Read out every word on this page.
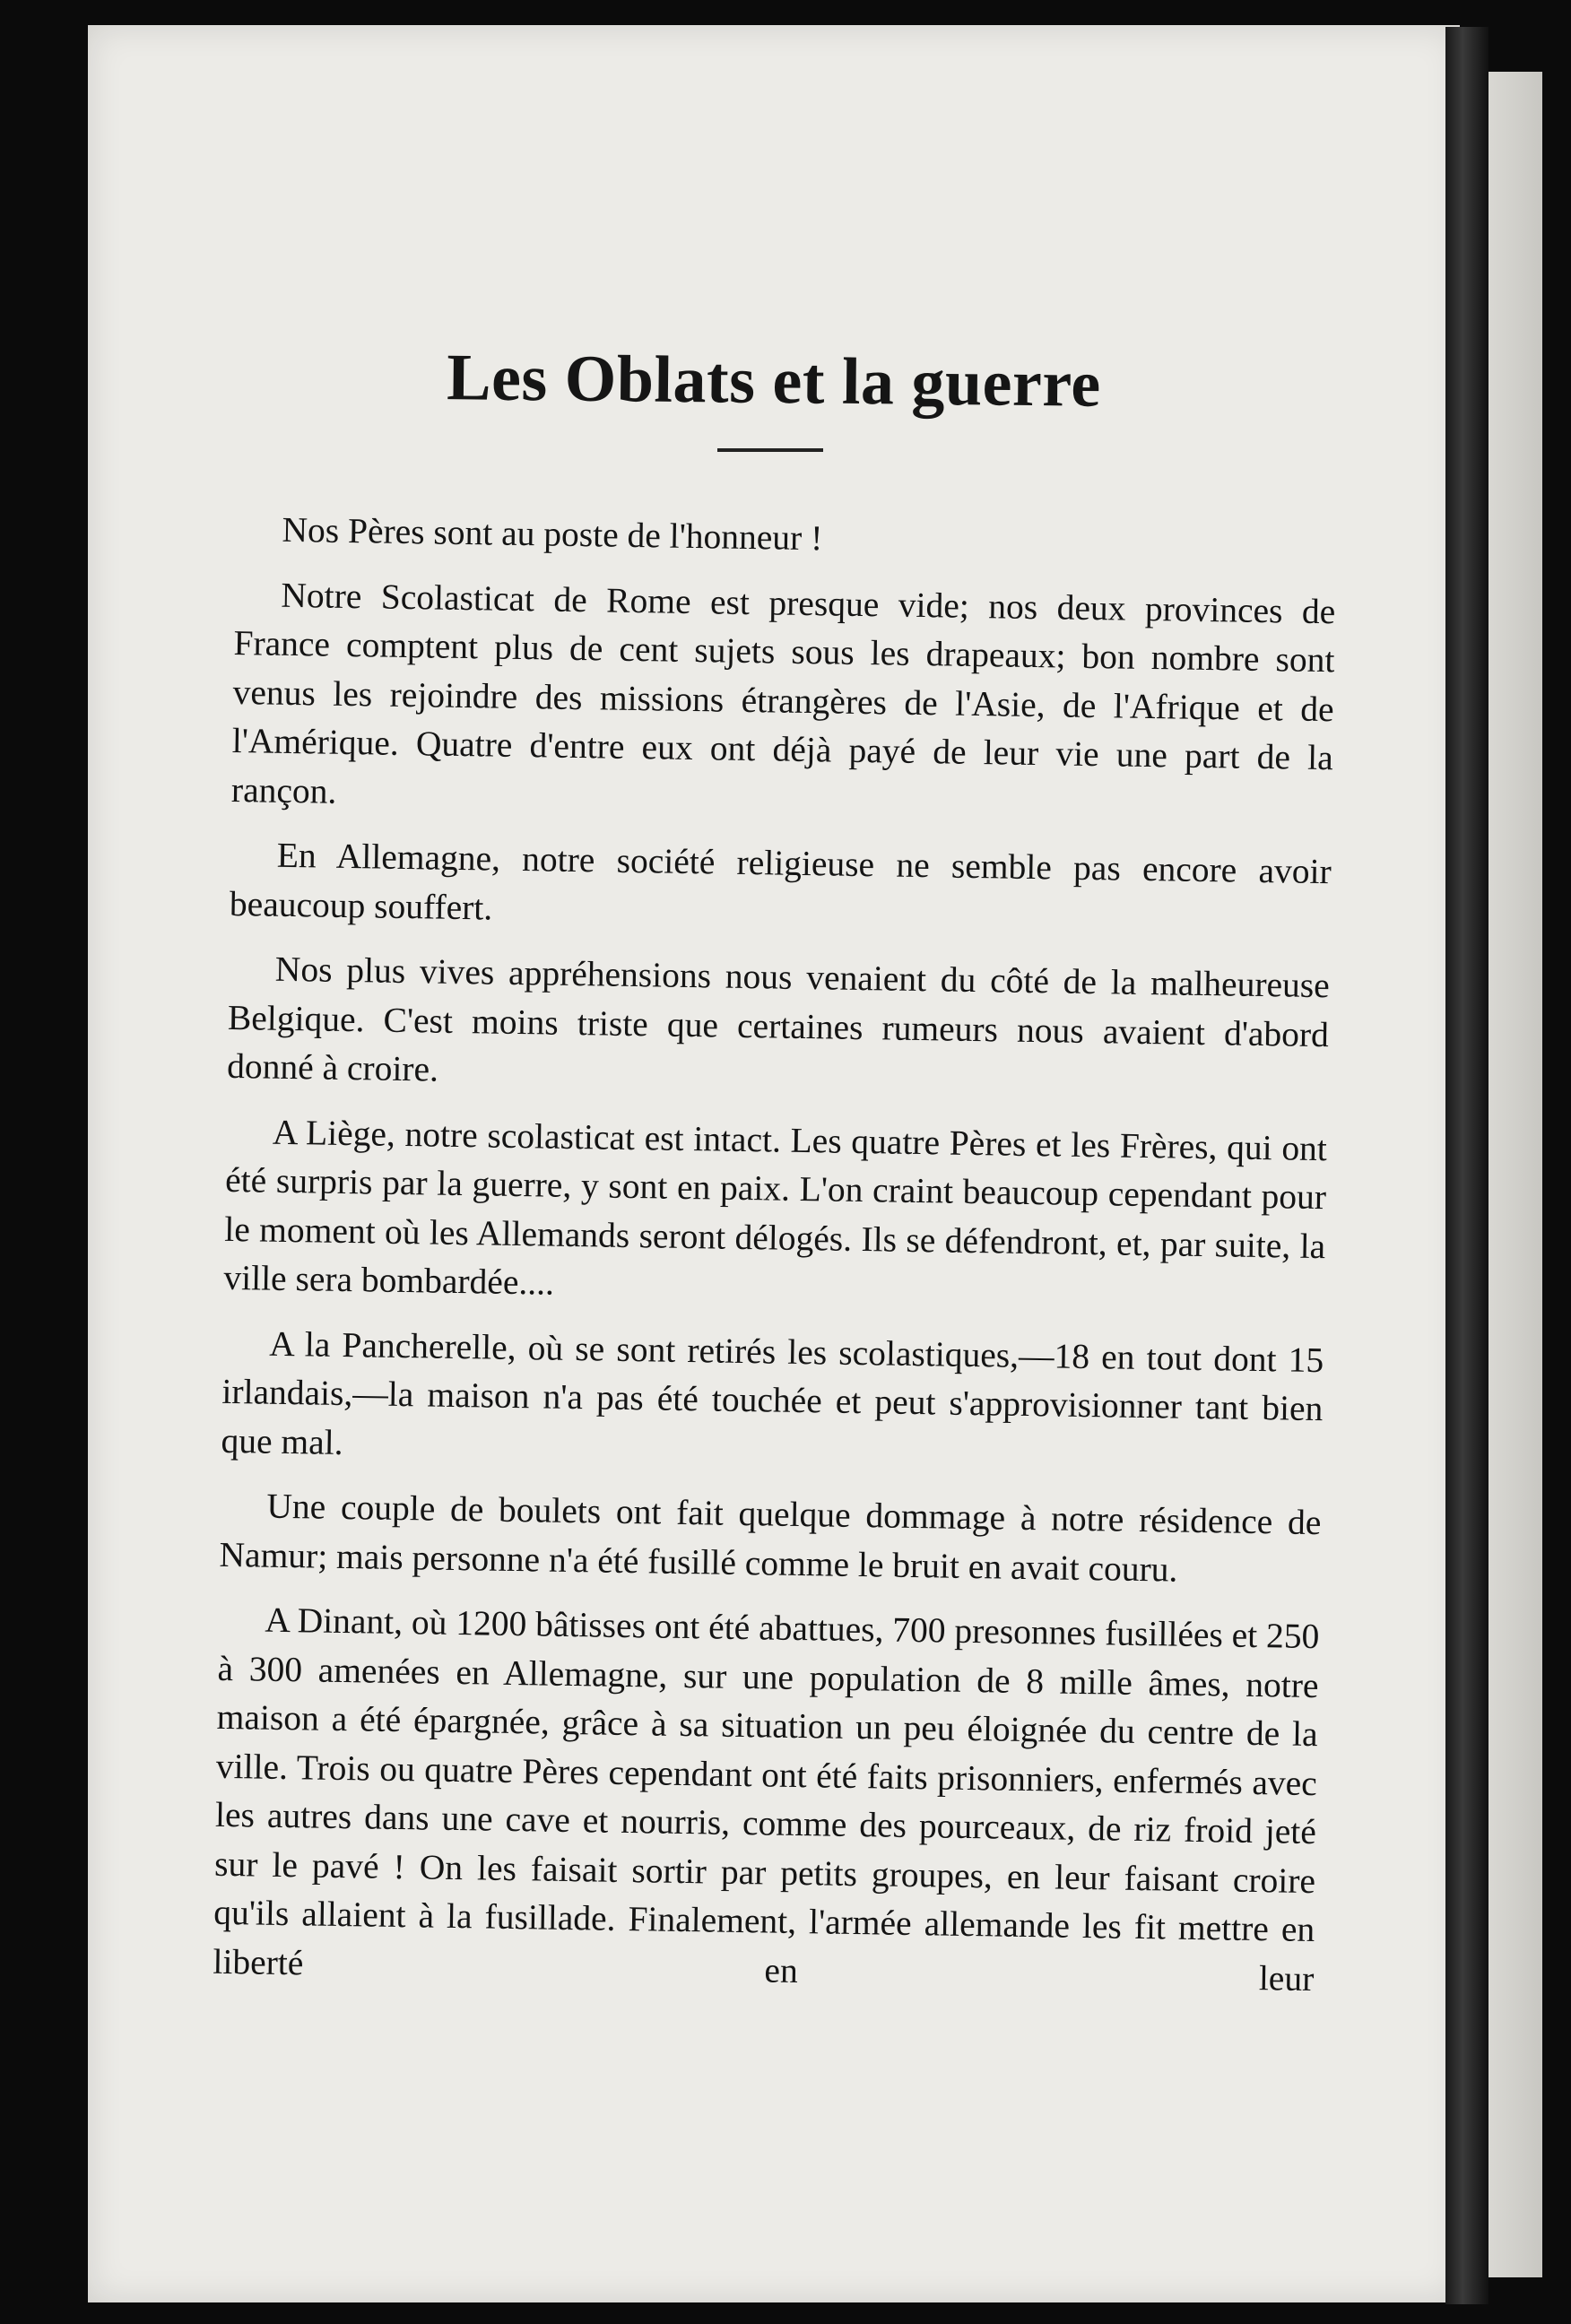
Les Oblats et la guerre

Nos Pères sont au poste de l'honneur !

Notre Scolasticat de Rome est presque vide; nos deux provinces de France comptent plus de cent sujets sous les drapeaux; bon nombre sont venus les rejoindre des missions étrangères de l'Asie, de l'Afrique et de l'Amérique. Quatre d'entre eux ont déjà payé de leur vie une part de la rançon.

En Allemagne, notre société religieuse ne semble pas encore avoir beaucoup souffert.

Nos plus vives appréhensions nous venaient du côté de la malheureuse Belgique. C'est moins triste que certaines rumeurs nous avaient d'abord donné à croire.

A Liège, notre scolasticat est intact. Les quatre Pères et les Frères, qui ont été surpris par la guerre, y sont en paix. L'on craint beaucoup cependant pour le moment où les Allemands seront délogés. Ils se défendront, et, par suite, la ville sera bombardée....

A la Pancherelle, où se sont retirés les scolastiques,—18 en tout dont 15 irlandais,—la maison n'a pas été touchée et peut s'approvisionner tant bien que mal.

Une couple de boulets ont fait quelque dommage à notre résidence de Namur; mais personne n'a été fusillé comme le bruit en avait couru.

A Dinant, où 1200 bâtisses ont été abattues, 700 presonnes fusillées et 250 à 300 amenées en Allemagne, sur une population de 8 mille âmes, notre maison a été épargnée, grâce à sa situation un peu éloignée du centre de la ville. Trois ou quatre Pères cependant ont été faits prisonniers, enfermés avec les autres dans une cave et nourris, comme des pourceaux, de riz froid jeté sur le pavé ! On les faisait sortir par petits groupes, en leur faisant croire qu'ils allaient à la fusillade. Finalement, l'armée allemande les fit mettre en liberté en leur
